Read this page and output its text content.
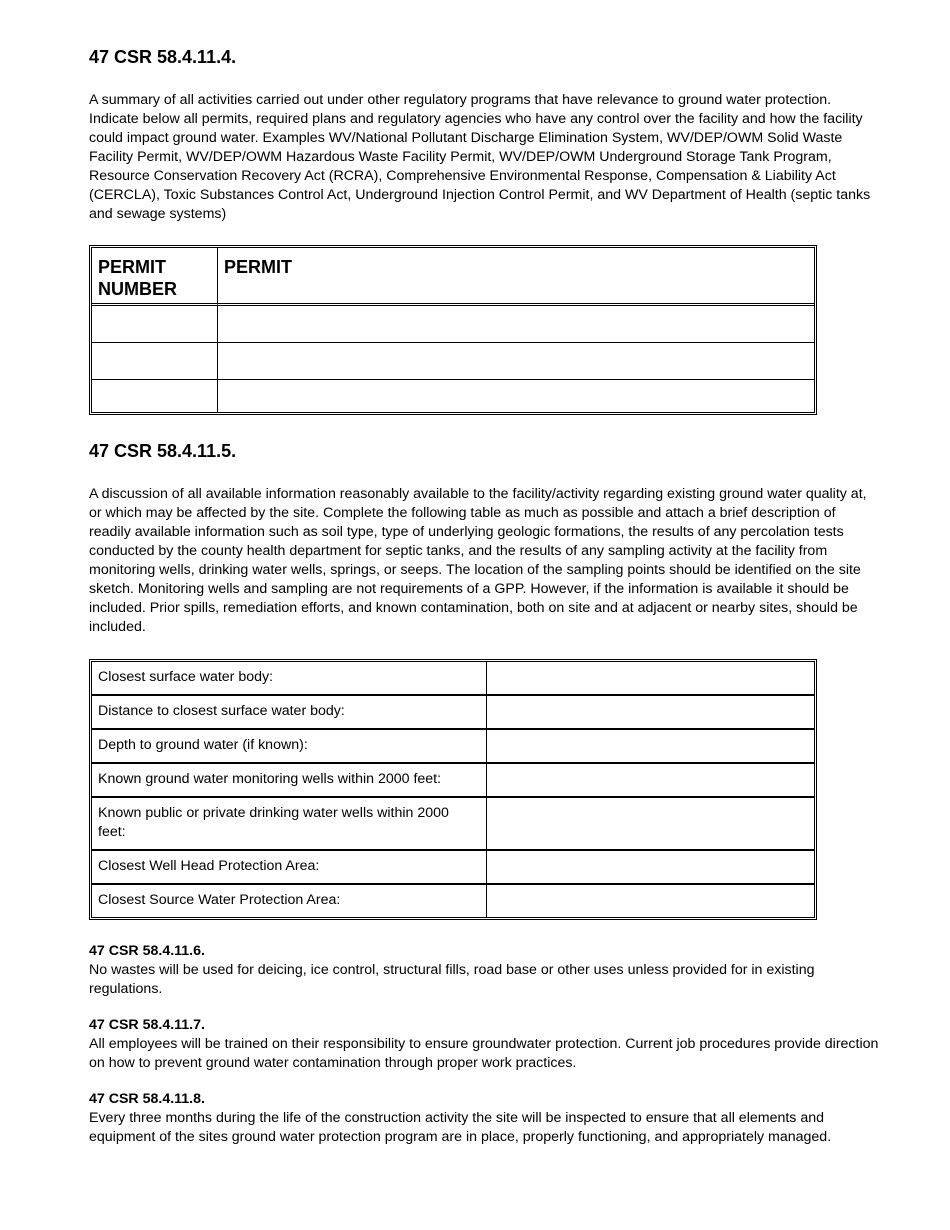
47 CSR 58.4.11.4.

A summary of all activities carried out under other regulatory programs that have relevance to ground water protection. Indicate below all permits, required plans and regulatory agencies who have any control over the facility and how the facility could impact ground water. Examples WV/National Pollutant Discharge Elimination System, WV/DEP/OWM Solid Waste Facility Permit, WV/DEP/OWM Hazardous Waste Facility Permit, WV/DEP/OWM Underground Storage Tank Program, Resource Conservation Recovery Act (RCRA), Comprehensive Environmental Response, Compensation & Liability Act (CERCLA), Toxic Substances Control Act, Underground Injection Control Permit, and WV Department of Health (septic tanks and sewage systems)

PERMIT NUMBER	PERMIT

47 CSR 58.4.11.5.

A discussion of all available information reasonably available to the facility/activity regarding existing ground water quality at, or which may be affected by the site. Complete the following table as much as possible and attach a brief description of readily available information such as soil type, type of underlying geologic formations, the results of any percolation tests conducted by the county health department for septic tanks, and the results of any sampling activity at the facility from monitoring wells, drinking water wells, springs, or seeps. The location of the sampling points should be identified on the site sketch. Monitoring wells and sampling are not requirements of a GPP. However, if the information is available it should be included. Prior spills, remediation efforts, and known contamination, both on site and at adjacent or nearby sites, should be included.

Closest surface water body:	
Distance to closest surface water body:	
Depth to ground water (if known):	
Known ground water monitoring wells within 2000 feet:	
Known public or private drinking water wells within 2000 feet:	
Closest Well Head Protection Area:	
Closest Source Water Protection Area:	
47 CSR 58.4.11.6.

No wastes will be used for deicing, ice control, structural fills, road base or other uses unless provided for in existing regulations.

47 CSR 58.4.11.7.

All employees will be trained on their responsibility to ensure groundwater protection. Current job procedures provide direction on how to prevent ground water contamination through proper work practices.

47 CSR 58.4.11.8.

Every three months during the life of the construction activity the site will be inspected to ensure that all elements and equipment of the sites ground water protection program are in place, properly functioning, and appropriately managed.
